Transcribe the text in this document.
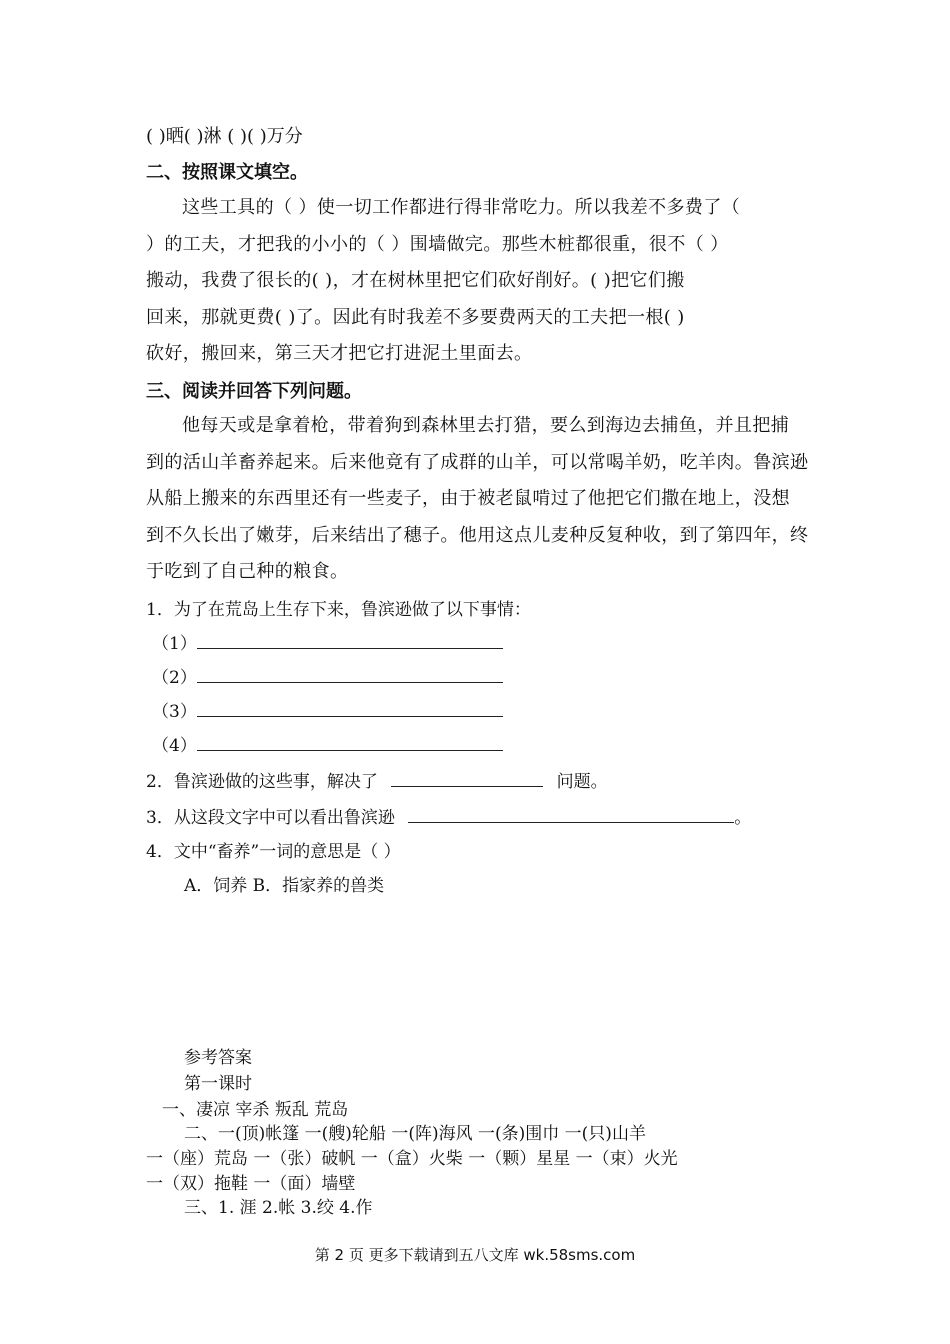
( )晒( )淋 ( )( )万分
二、按照课文填空。

这些工具的（ ）使一切工作都进行得非常吃力。所以我差不多费了（

）的工夫，才把我的小小的（ ）围墙做完。那些木桩都很重，很不（ ）

搬动，我费了很长的( )，才在树林里把它们砍好削好。( )把它们搬

回来，那就更费( )了。因此有时我差不多要费两天的工夫把一根( )

砍好，搬回来，第三天才把它打进泥土里面去。

三、阅读并回答下列问题。

他每天或是拿着枪，带着狗到森林里去打猎，要么到海边去捕鱼，并且把捕

到的活山羊畜养起来。后来他竟有了成群的山羊，可以常喝羊奶，吃羊肉。鲁滨逊

从船上搬来的东西里还有一些麦子，由于被老鼠啃过了他把它们撒在地上，没想

到不久长出了嫩芽，后来结出了穗子。他用这点儿麦种反复种收，到了第四年，终

于吃到了自己种的粮食。

1．为了在荒岛上生存下来，鲁滨逊做了以下事情：
（1）
（2）
（3）
（4）
2．鲁滨逊做的这些事，解决了	问题。
3．从这段文字中可以看出鲁滨逊	。
4．文中“畜养”一词的意思是（ ）
A．饲养 B．指家养的兽类
参考答案
第一课时
一、凄凉 宰杀 叛乱 荒岛
二、一(顶)帐篷 一(艘)轮船 一(阵)海风 一(条)围巾 一(只)山羊
一（座）荒岛 一（张）破帆 一（盒）火柴 一（颗）星星 一（束）火光
一（双）拖鞋 一（面）墙壁
三、1. 涯 2.帐 3.绞 4.作
第 2 页 更多下载请到五八文库 wk.58sms.com
